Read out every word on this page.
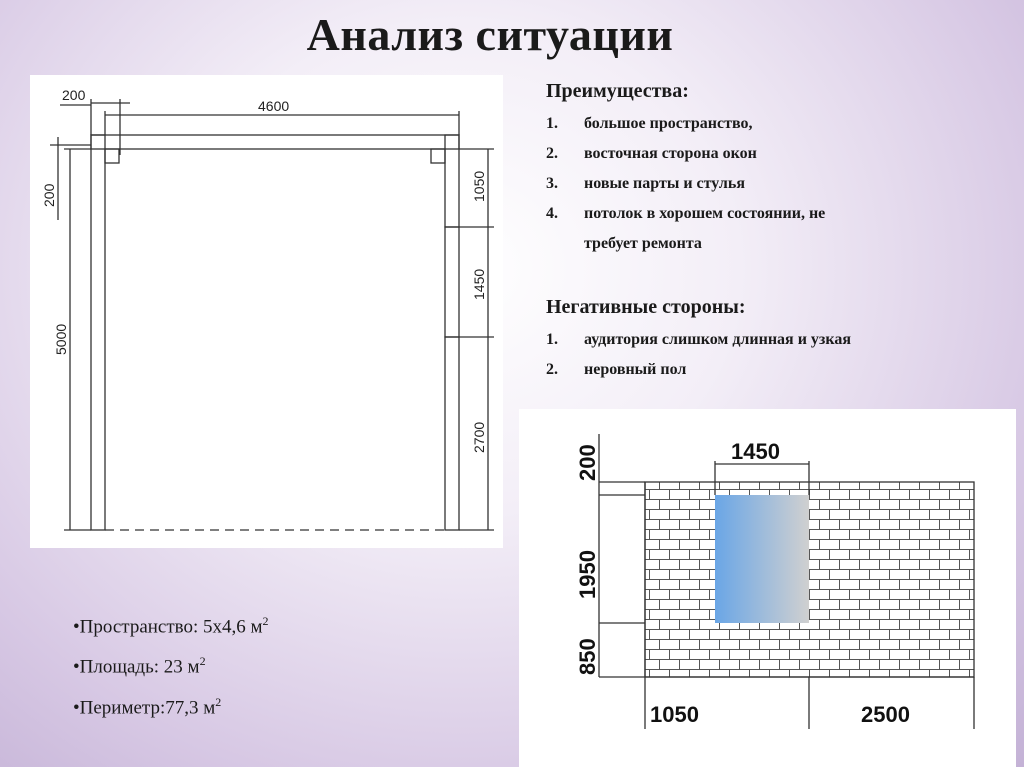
Анализ ситуации
200
4600
200
5000
1050
1450
2700
Преимущества:
1.	большое пространство,
2.	восточная сторона окон
3.	новые парты и стулья
4.	потолок в хорошем состоянии, не
требует ремонта
Негативные стороны:
1.	аудитория слишком длинная и узкая
2.	неровный пол
1450
200
1950
850
1050	2500
•Пространство: 5х4,6 $м^2$
•Площадь: 23 $м^2$
•Периметр:77,3 $м^2$
